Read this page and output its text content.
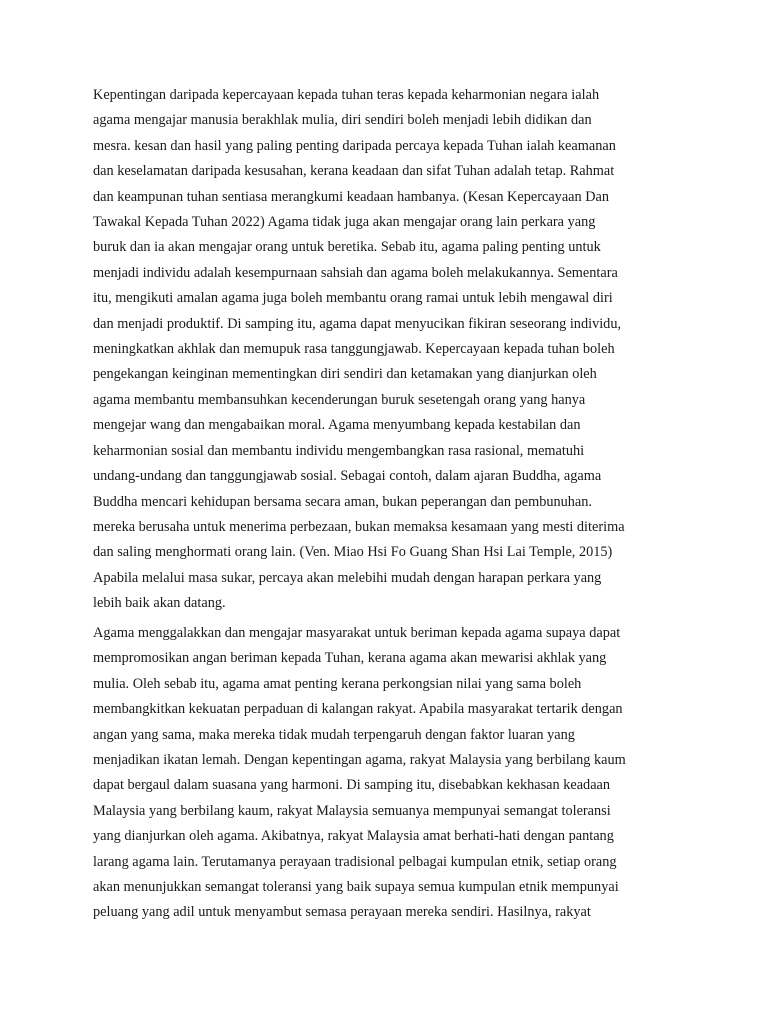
Kepentingan daripada kepercayaan kepada tuhan teras kepada keharmonian negara ialah
agama mengajar manusia berakhlak mulia, diri sendiri boleh menjadi lebih didikan dan
mesra. kesan dan hasil yang paling penting daripada percaya kepada Tuhan ialah keamanan
dan keselamatan daripada kesusahan, kerana keadaan dan sifat Tuhan adalah tetap. Rahmat
dan keampunan tuhan sentiasa merangkumi keadaan hambanya. (Kesan Kepercayaan Dan
Tawakal Kepada Tuhan 2022) Agama tidak juga akan mengajar orang lain perkara yang
buruk dan ia akan mengajar orang untuk beretika. Sebab itu, agama paling penting untuk
menjadi individu adalah kesempurnaan sahsiah dan agama boleh melakukannya. Sementara
itu, mengikuti amalan agama juga boleh membantu orang ramai untuk lebih mengawal diri
dan menjadi produktif. Di samping itu, agama dapat menyucikan fikiran seseorang individu,
meningkatkan akhlak dan memupuk rasa tanggungjawab. Kepercayaan kepada tuhan boleh
pengekangan keinginan mementingkan diri sendiri dan ketamakan yang dianjurkan oleh
agama membantu membansuhkan kecenderungan buruk sesetengah orang yang hanya
mengejar wang dan mengabaikan moral. Agama menyumbang kepada kestabilan dan
keharmonian sosial dan membantu individu mengembangkan rasa rasional, mematuhi
undang-undang dan tanggungjawab sosial. Sebagai contoh, dalam ajaran Buddha, agama
Buddha mencari kehidupan bersama secara aman, bukan peperangan dan pembunuhan.
mereka berusaha untuk menerima perbezaan, bukan memaksa kesamaan yang mesti diterima
dan saling menghormati orang lain. (Ven. Miao Hsi Fo Guang Shan Hsi Lai Temple, 2015)
Apabila melalui masa sukar, percaya akan melebihi mudah dengan harapan perkara yang
lebih baik akan datang.
Agama menggalakkan dan mengajar masyarakat untuk beriman kepada agama supaya dapat
mempromosikan angan beriman kepada Tuhan, kerana agama akan mewarisi akhlak yang
mulia. Oleh sebab itu, agama amat penting kerana perkongsian nilai yang sama boleh
membangkitkan kekuatan perpaduan di kalangan rakyat. Apabila masyarakat tertarik dengan
angan yang sama, maka mereka tidak mudah terpengaruh dengan faktor luaran yang
menjadikan ikatan lemah. Dengan kepentingan agama, rakyat Malaysia yang berbilang kaum
dapat bergaul dalam suasana yang harmoni. Di samping itu, disebabkan kekhasan keadaan
Malaysia yang berbilang kaum, rakyat Malaysia semuanya mempunyai semangat toleransi
yang dianjurkan oleh agama. Akibatnya, rakyat Malaysia amat berhati-hati dengan pantang
larang agama lain. Terutamanya perayaan tradisional pelbagai kumpulan etnik, setiap orang
akan menunjukkan semangat toleransi yang baik supaya semua kumpulan etnik mempunyai
peluang yang adil untuk menyambut semasa perayaan mereka sendiri. Hasilnya, rakyat
